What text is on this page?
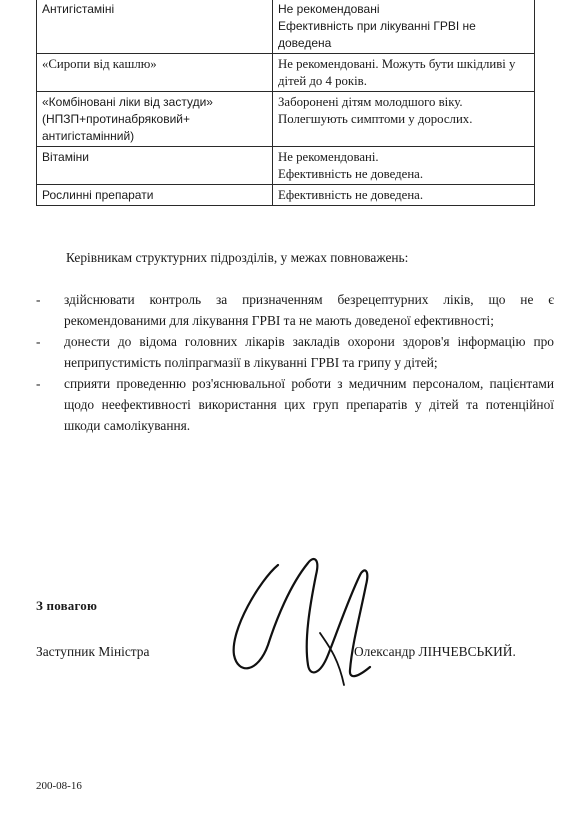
Антигістаміні	Не рекомендовані
Ефективність при лікуванні ГРВІ не доведена

«Сиропи від кашлю»	Не рекомендовані. Можуть бути шкідливі у дітей до 4 років.

«Комбіновані ліки від застуди» (НПЗП+протинабряковий+ антигістамінний)	Заборонені дітям молодшого віку.
Полегшують симптоми у дорослих.

Вітаміни	Не рекомендовані.
Ефективність не доведена.

Рослинні препарати	Ефективність не доведена.
Керівникам структурних підрозділів, у межах повноважень:
- здійснювати контроль за призначенням безрецептурних ліків, що не є рекомендованими для лікування ГРВІ та не мають доведеної ефективності;
- донести до відома головних лікарів закладів охорони здоров'я інформацію про неприпустимість поліпрагмазії в лікуванні ГРВІ та грипу у дітей;
- сприяти проведенню роз'яснювальної роботи з медичним персоналом, пацієнтами щодо неефективності використання цих груп препаратів у дітей та потенційної шкоди самолікування.
З повагою
Заступник Міністра	Олександр ЛІНЧЕВСЬКИЙ.
200-08-16
